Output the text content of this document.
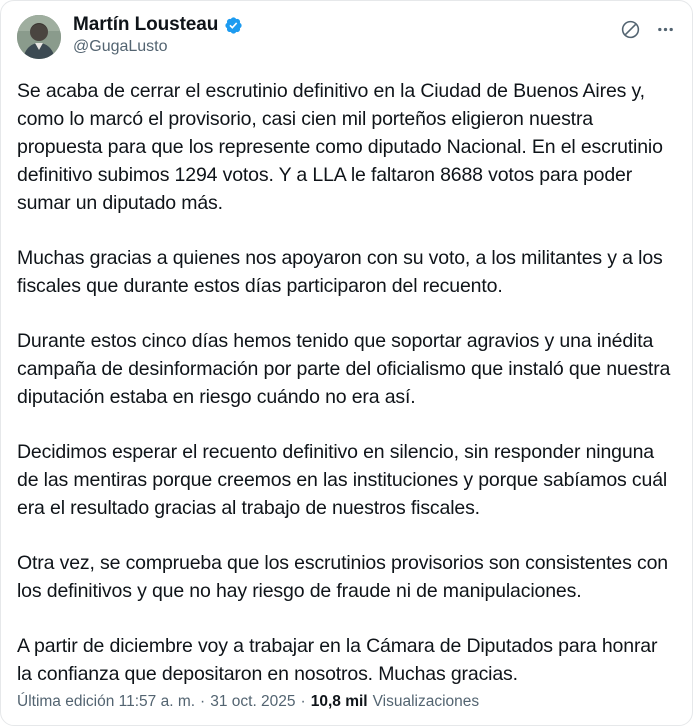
Martín Lousteau
@GugaLusto

Se acaba de cerrar el escrutinio definitivo en la Ciudad de Buenos Aires y, como lo marcó el provisorio, casi cien mil porteños eligieron nuestra propuesta para que los represente como diputado Nacional. En el escrutinio definitivo subimos 1294 votos. Y a LLA le faltaron 8688 votos para poder sumar un diputado más.

Muchas gracias a quienes nos apoyaron con su voto, a los militantes y a los fiscales que durante estos días participaron del recuento.

Durante estos cinco días hemos tenido que soportar agravios y una inédita campaña de desinformación por parte del oficialismo que instaló que nuestra diputación estaba en riesgo cuándo no era así.

Decidimos esperar el recuento definitivo en silencio, sin responder ninguna de las mentiras porque creemos en las instituciones y porque sabíamos cuál era el resultado gracias al trabajo de nuestros fiscales.

Otra vez, se comprueba que los escrutinios provisorios son consistentes con los definitivos y que no hay riesgo de fraude ni de manipulaciones.

A partir de diciembre voy a trabajar en la Cámara de Diputados para honrar la confianza que depositaron en nosotros. Muchas gracias.

Última edición 11:57 a. m. · 31 oct. 2025 · 10,8 mil Visualizaciones
